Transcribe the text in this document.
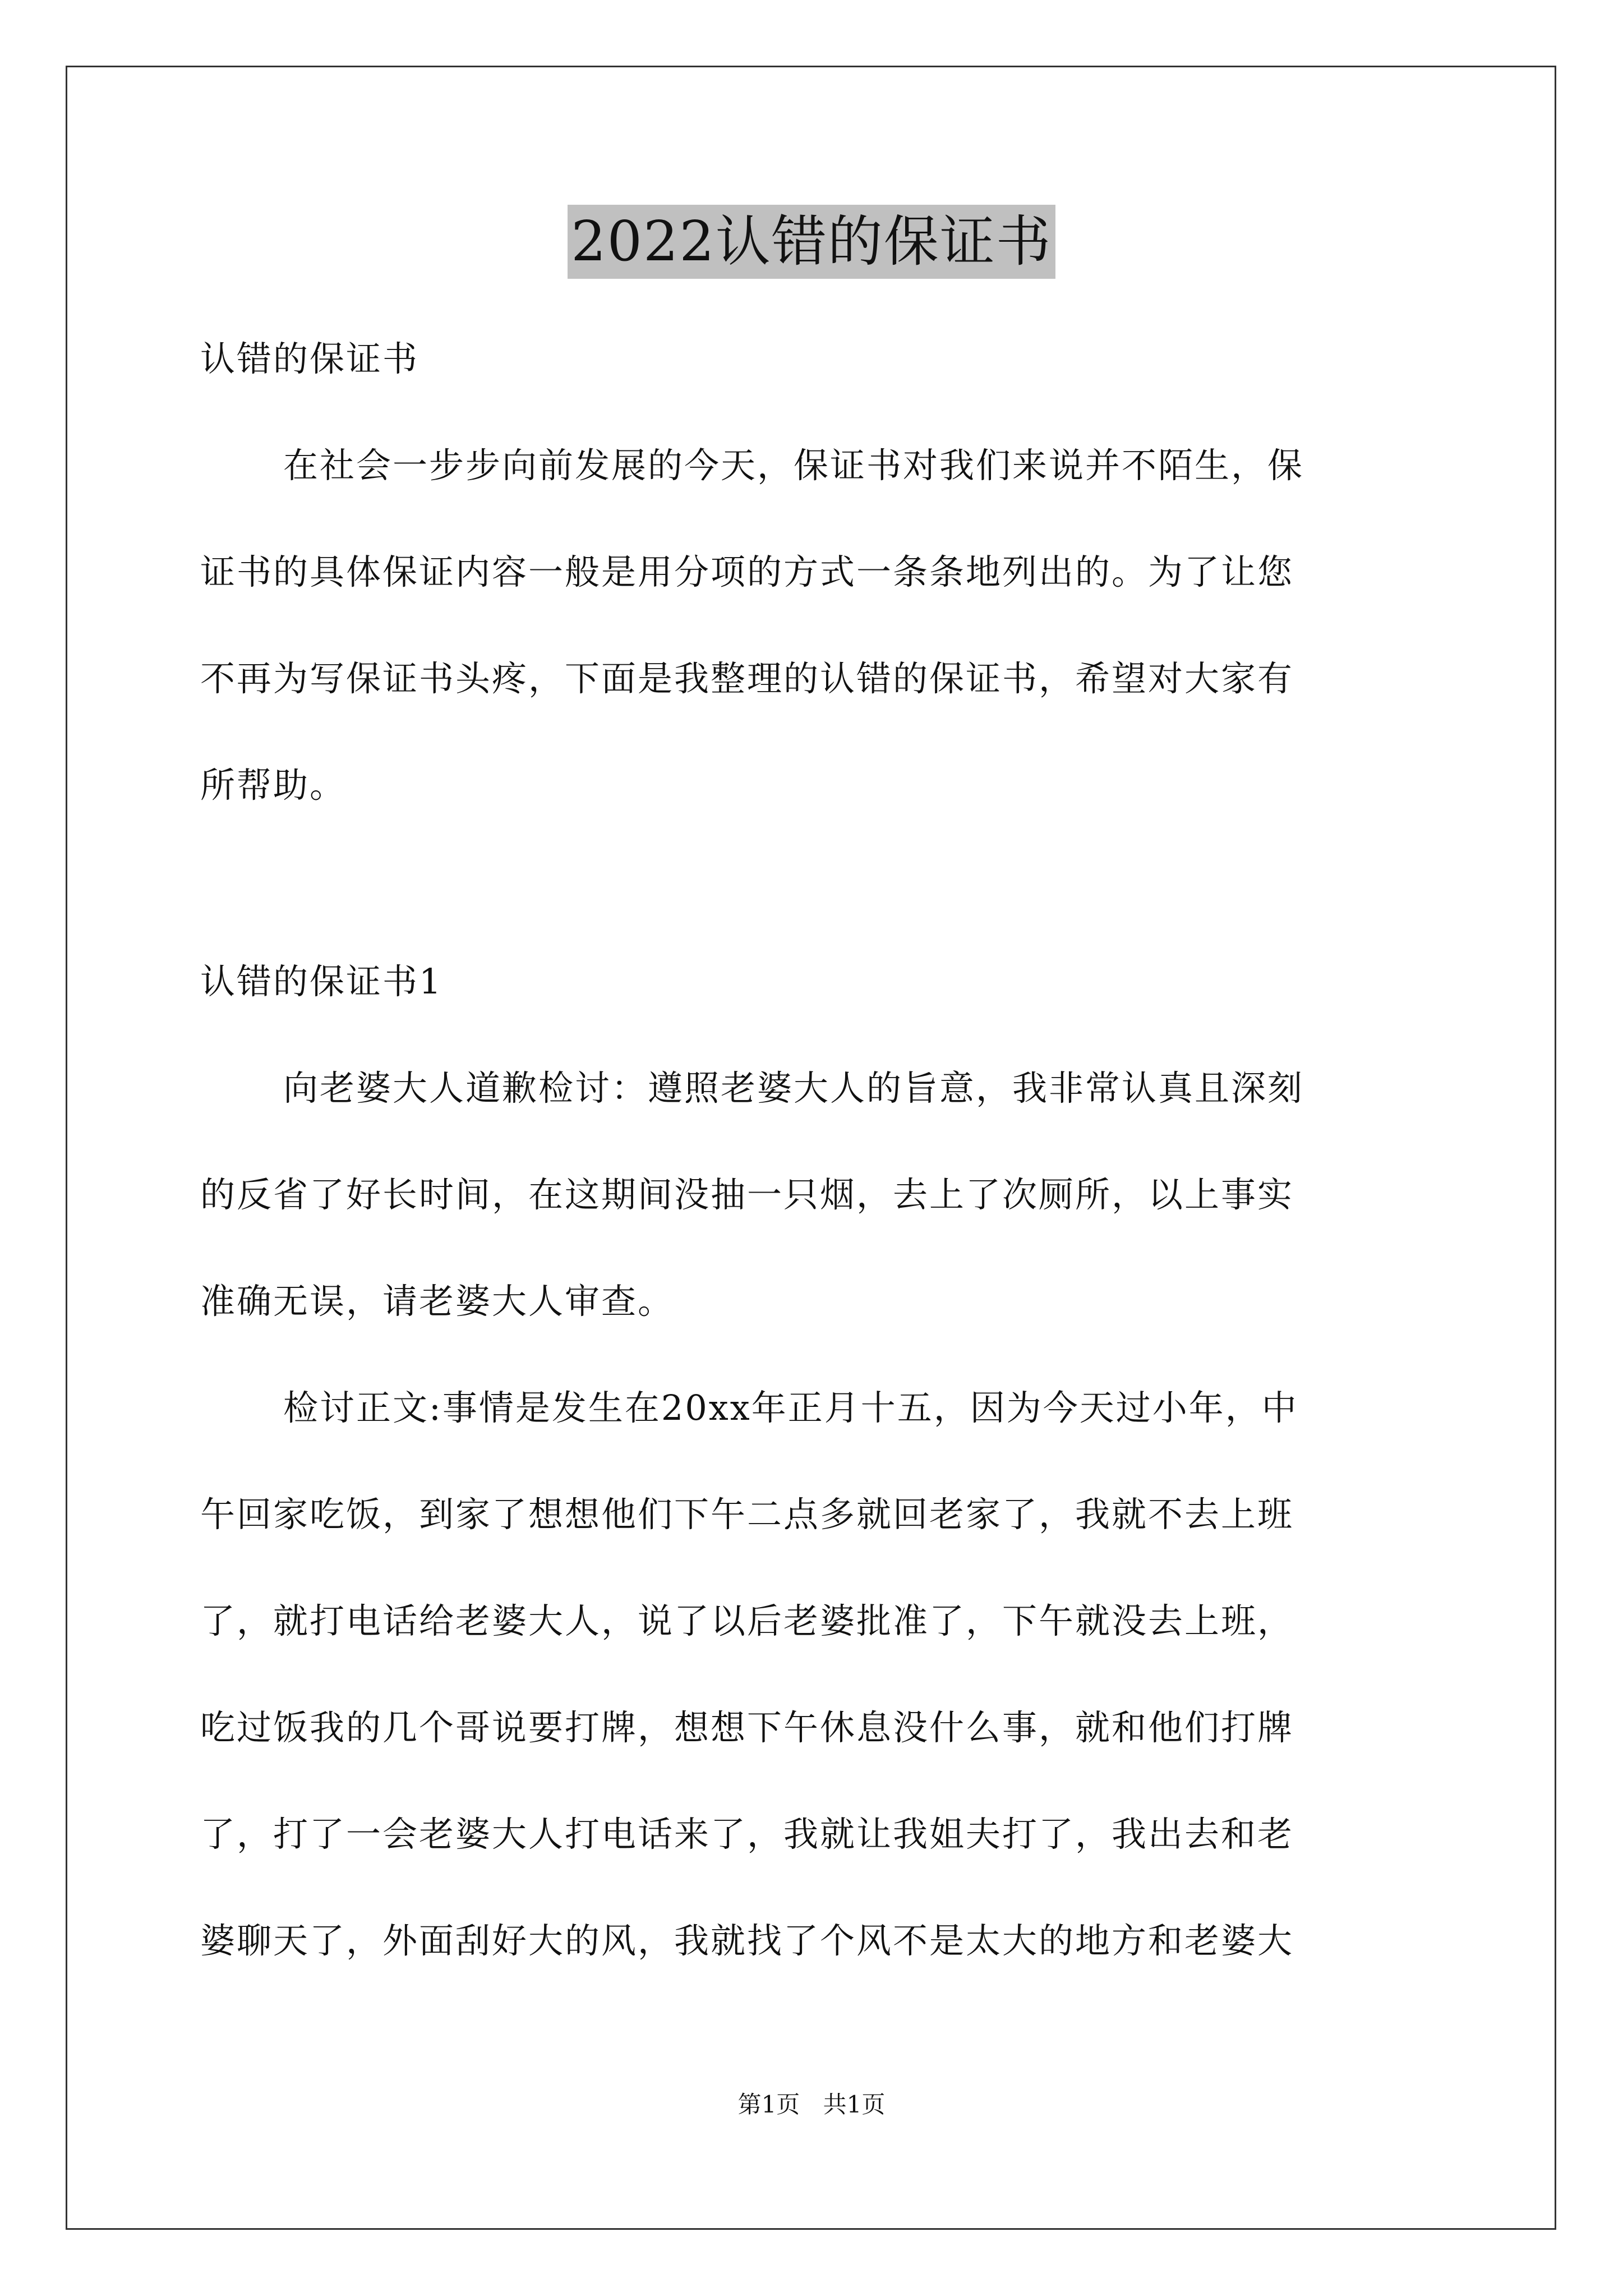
2022认错的保证书
认错的保证书
在社会一步步向前发展的今天，保证书对我们来说并不陌生，保
证书的具体保证内容一般是用分项的方式一条条地列出的。为了让您
不再为写保证书头疼，下面是我整理的认错的保证书，希望对大家有
所帮助。
认错的保证书1
向老婆大人道歉检讨：遵照老婆大人的旨意，我非常认真且深刻
的反省了好长时间，在这期间没抽一只烟，去上了次厕所，以上事实
准确无误，请老婆大人审查。
检讨正文:事情是发生在20xx年正月十五，因为今天过小年，中
午回家吃饭，到家了想想他们下午二点多就回老家了，我就不去上班
了，就打电话给老婆大人，说了以后老婆批准了，下午就没去上班，
吃过饭我的几个哥说要打牌，想想下午休息没什么事，就和他们打牌
了，打了一会老婆大人打电话来了，我就让我姐夫打了，我出去和老
婆聊天了，外面刮好大的风，我就找了个风不是太大的地方和老婆大
第1页 共1页
